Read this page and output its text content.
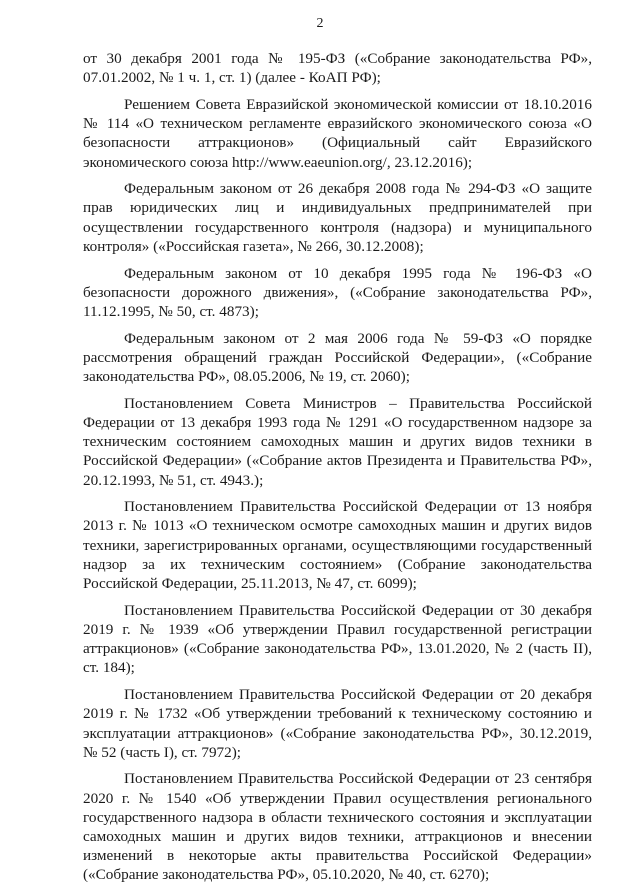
2

от 30 декабря 2001 года № 195-ФЗ («Собрание законодательства РФ», 07.01.2002, № 1 ч. 1, ст. 1) (далее - КоАП РФ);

Решением Совета Евразийской экономической комиссии от 18.10.2016 № 114 «О техническом регламенте евразийского экономического союза «О безопасности аттракционов» (Официальный сайт Евразийского экономического союза http://www.eaeunion.org/, 23.12.2016);

Федеральным законом от 26 декабря 2008 года № 294-ФЗ «О защите прав юридических лиц и индивидуальных предпринимателей при осуществлении государственного контроля (надзора) и муниципального контроля» («Российская газета», № 266, 30.12.2008);

Федеральным законом от 10 декабря 1995 года № 196-ФЗ «О безопасности дорожного движения», («Собрание законодательства РФ», 11.12.1995, № 50, ст. 4873);

Федеральным законом от 2 мая 2006 года № 59-ФЗ «О порядке рассмотрения обращений граждан Российской Федерации», («Собрание законодательства РФ», 08.05.2006, № 19, ст. 2060);

Постановлением Совета Министров – Правительства Российской Федерации от 13 декабря 1993 года № 1291 «О государственном надзоре за техническим состоянием самоходных машин и других видов техники в Российской Федерации» («Собрание актов Президента и Правительства РФ», 20.12.1993, № 51, ст. 4943.);

Постановлением Правительства Российской Федерации от 13 ноября 2013 г. № 1013 «О техническом осмотре самоходных машин и других видов техники, зарегистрированных органами, осуществляющими государственный надзор за их техническим состоянием» (Собрание законодательства Российской Федерации, 25.11.2013, № 47, ст. 6099);

Постановлением Правительства Российской Федерации от 30 декабря 2019 г. № 1939 «Об утверждении Правил государственной регистрации аттракционов» («Собрание законодательства РФ», 13.01.2020, № 2 (часть II), ст. 184);

Постановлением Правительства Российской Федерации от 20 декабря 2019 г. № 1732 «Об утверждении требований к техническому состоянию и эксплуатации аттракционов» («Собрание законодательства РФ», 30.12.2019, № 52 (часть I), ст. 7972);

Постановлением Правительства Российской Федерации от 23 сентября 2020 г. № 1540 «Об утверждении Правил осуществления регионального государственного надзора в области технического состояния и эксплуатации самоходных машин и других видов техники, аттракционов и внесении изменений в некоторые акты правительства Российской Федерации» («Собрание законодательства РФ», 05.10.2020, № 40, ст. 6270);
